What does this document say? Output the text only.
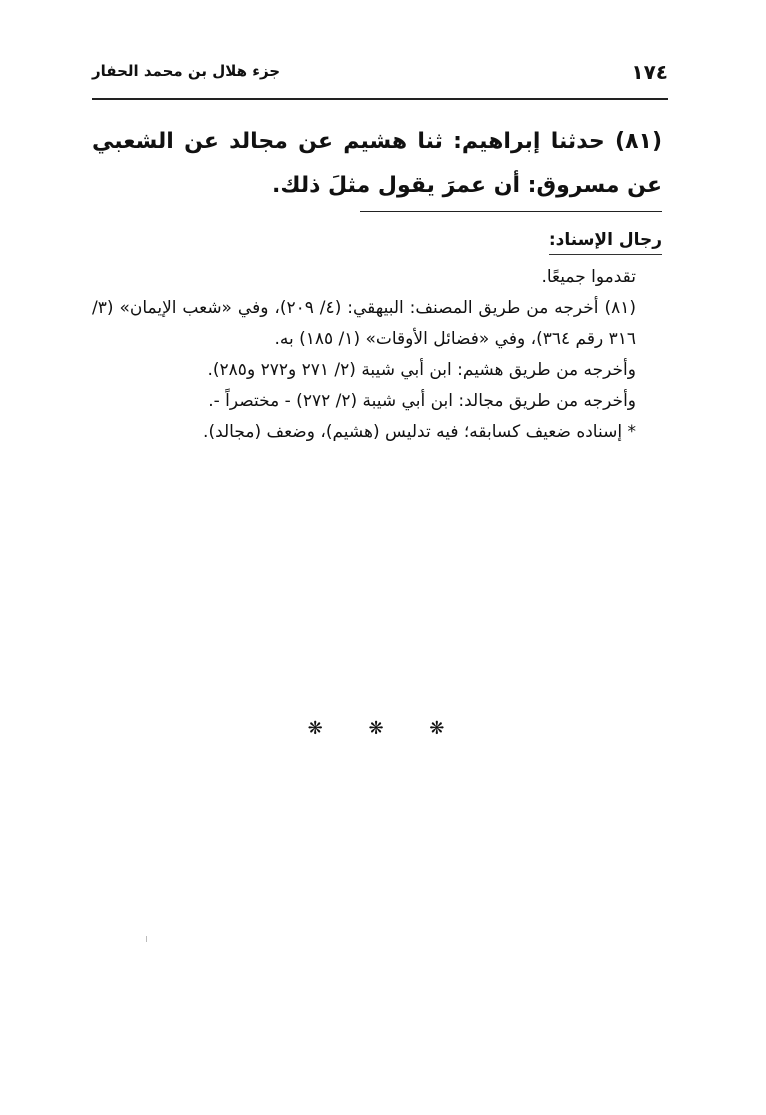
جزء هلال بن محمد الحفار	١٧٤

(٨١) حدثنا إبراهيم: ثنا هشيم عن مجالد عن الشعبي عن مسروق: أن عمرَ يقول مثلَ ذلك.

رجال الإسناد:

تقدموا جميعًا.

(٨١) أخرجه من طريق المصنف: البيهقي: (٤/ ٢٠٩)، وفي «شعب الإيمان» (٣/ ٣١٦ رقم ٣٦٤)، وفي «فضائل الأوقات» (١/ ١٨٥) به.

وأخرجه من طريق هشيم: ابن أبي شيبة (٢/ ٢٧١ و٢٧٢ و٢٨٥).

وأخرجه من طريق مجالد: ابن أبي شيبة (٢/ ٢٧٢) - مختصراً -.

* إسناده ضعيف كسابقه؛ فيه تدليس (هشيم)، وضعف (مجالد).

❋ ❋ ❋
